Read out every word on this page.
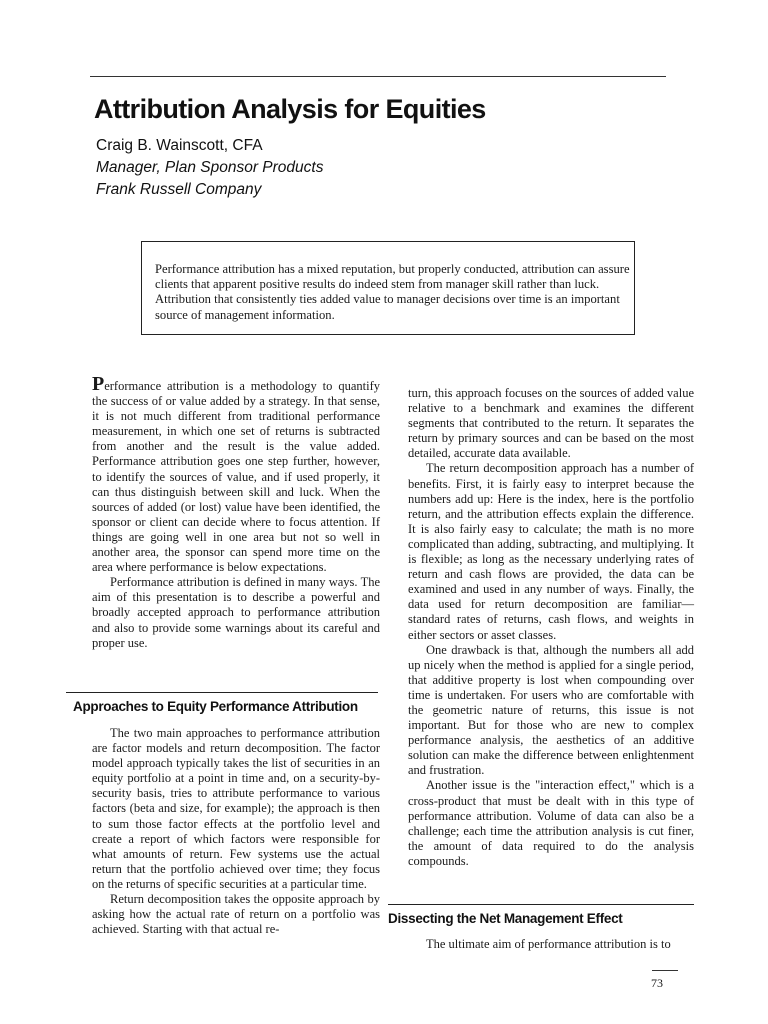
Attribution Analysis for Equities
Craig B. Wainscott, CFA
Manager, Plan Sponsor Products
Frank Russell Company
Performance attribution has a mixed reputation, but properly conducted, attribution can assure clients that apparent positive results do indeed stem from manager skill rather than luck. Attribution that consistently ties added value to manager decisions over time is an important source of management information.

Performance attribution is a methodology to quantify the success of or value added by a strategy. In that sense, it is not much different from traditional performance measurement, in which one set of returns is subtracted from another and the result is the value added. Performance attribution goes one step further, however, to identify the sources of value, and if used properly, it can thus distinguish between skill and luck. When the sources of added (or lost) value have been identified, the sponsor or client can decide where to focus attention. If things are going well in one area but not so well in another area, the sponsor can spend more time on the area where performance is below expectations.

Performance attribution is defined in many ways. The aim of this presentation is to describe a powerful and broadly accepted approach to performance attribution and also to provide some warnings about its careful and proper use.

Approaches to Equity Performance Attribution

The two main approaches to performance attribution are factor models and return decomposition. The factor model approach typically takes the list of securities in an equity portfolio at a point in time and, on a security-by-security basis, tries to attribute performance to various factors (beta and size, for example); the approach is then to sum those factor effects at the portfolio level and create a report of which factors were responsible for what amounts of return. Few systems use the actual return that the portfolio achieved over time; they focus on the returns of specific securities at a particular time.

Return decomposition takes the opposite approach by asking how the actual rate of return on a portfolio was achieved. Starting with that actual re-

turn, this approach focuses on the sources of added value relative to a benchmark and examines the different segments that contributed to the return. It separates the return by primary sources and can be based on the most detailed, accurate data available.

The return decomposition approach has a number of benefits. First, it is fairly easy to interpret because the numbers add up: Here is the index, here is the portfolio return, and the attribution effects explain the difference. It is also fairly easy to calculate; the math is no more complicated than adding, subtracting, and multiplying. It is flexible; as long as the necessary underlying rates of return and cash flows are provided, the data can be examined and used in any number of ways. Finally, the data used for return decomposition are familiar—standard rates of returns, cash flows, and weights in either sectors or asset classes.

One drawback is that, although the numbers all add up nicely when the method is applied for a single period, that additive property is lost when compounding over time is undertaken. For users who are comfortable with the geometric nature of returns, this issue is not important. But for those who are new to complex performance analysis, the aesthetics of an additive solution can make the difference between enlightenment and frustration.

Another issue is the "interaction effect," which is a cross-product that must be dealt with in this type of performance attribution. Volume of data can also be a challenge; each time the attribution analysis is cut finer, the amount of data required to do the analysis compounds.

Dissecting the Net Management Effect

The ultimate aim of performance attribution is to

73
